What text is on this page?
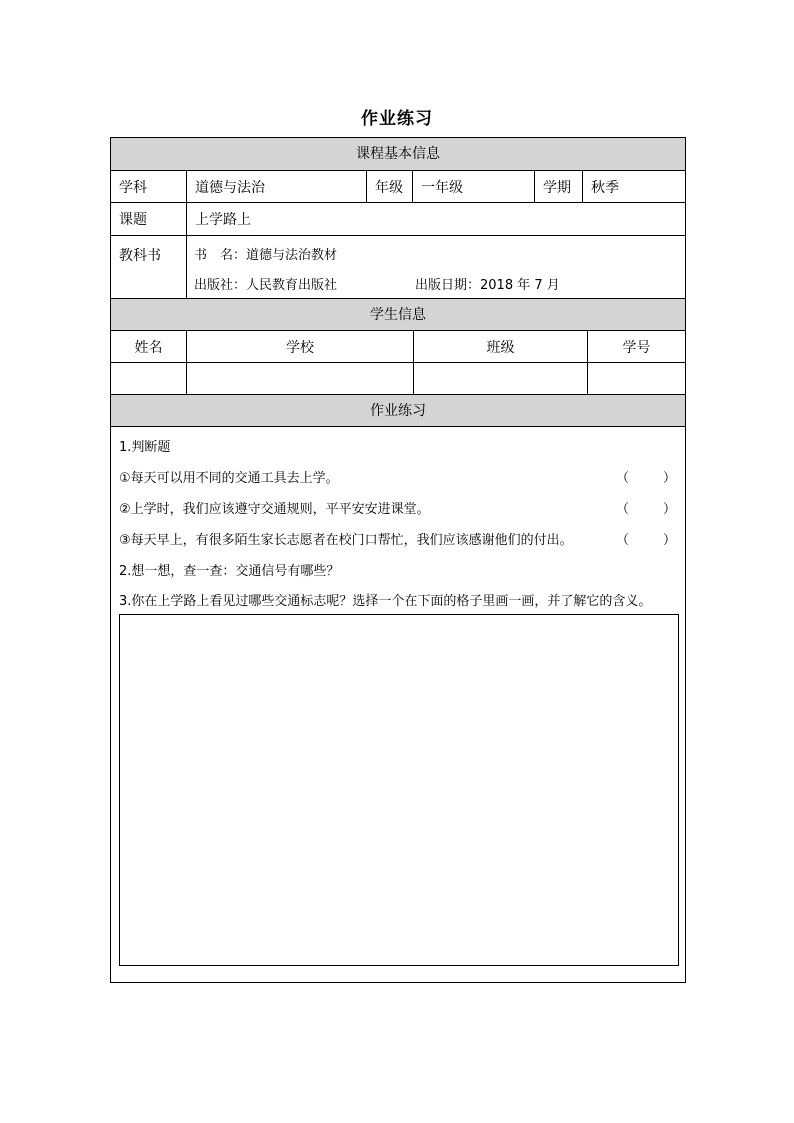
作业练习
课程基本信息
学科	道德与法治	年级	一年级	学期	秋季
课题	上学路上
教科书	书　名：道德与法治教材
出版社：人民教育出版社	出版日期：2018 年 7 月
学生信息
姓名	学校	班级	学号
作业练习
1.判断题
①每天可以用不同的交通工具去上学。	（	）
②上学时，我们应该遵守交通规则，平平安安进课堂。	（	）
③每天早上，有很多陌生家长志愿者在校门口帮忙，我们应该感谢他们的付出。	（	）
2.想一想，查一查：交通信号有哪些？
3.你在上学路上看见过哪些交通标志呢？选择一个在下面的格子里画一画，并了解它的含义。
